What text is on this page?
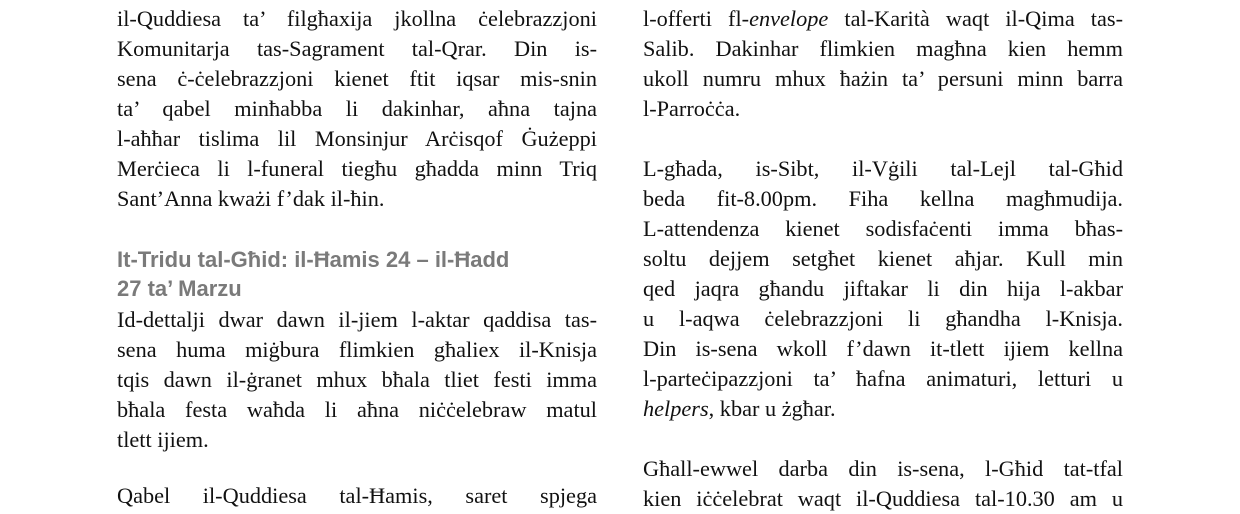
il-Quddiesa ta’ filgħaxija jkollna ċelebrazzjoni
Komunitarja tas-Sagrament tal-Qrar. Din is-
sena ċ-ċelebrazzjoni kienet ftit iqsar mis-snin
ta’ qabel minħabba li dakinhar, aħna tajna
l-aħħar tislima lil Monsinjur Arċisqof Ġużeppi
Merċieca li l-funeral tiegħu għadda minn Triq
Sant’Anna kważi f’dak il-ħin.
It-Tridu tal-Għid: il-Ħamis 24 – il-Ħadd
27 ta’ Marzu
Id-dettalji dwar dawn il-jiem l-aktar qaddisa tas-
sena huma miġbura flimkien għaliex il-Knisja
tqis dawn il-ġranet mhux bħala tliet festi imma
bħala festa waħda li aħna niċċelebraw matul
tlett ijiem.
Qabel il-Quddiesa tal-Ħamis, saret spjega
l-offerti fl-envelope tal-Karità waqt il-Qima tas-
Salib. Dakinhar flimkien magħna kien hemm
ukoll numru mhux ħażin ta’ persuni minn barra
l-Parroċċa.
L-għada, is-Sibt, il-Vġili tal-Lejl tal-Għid
beda fit-8.00pm. Fiha kellna magħmudija.
L-attendenza kienet sodisfaċenti imma bħas-
soltu dejjem setgħet kienet aħjar. Kull min
qed jaqra għandu jiftakar li din hija l-akbar
u l-aqwa ċelebrazzjoni li għandha l-Knisja.
Din is-sena wkoll f’dawn it-tlett ijiem kellna
l-parteċipazzjoni ta’ ħafna animaturi, letturi u
helpers, kbar u żgħar.
Għall-ewwel darba din is-sena, l-Għid tat-tfal
kien iċċelebrat waqt il-Quddiesa tal-10.30 am u
